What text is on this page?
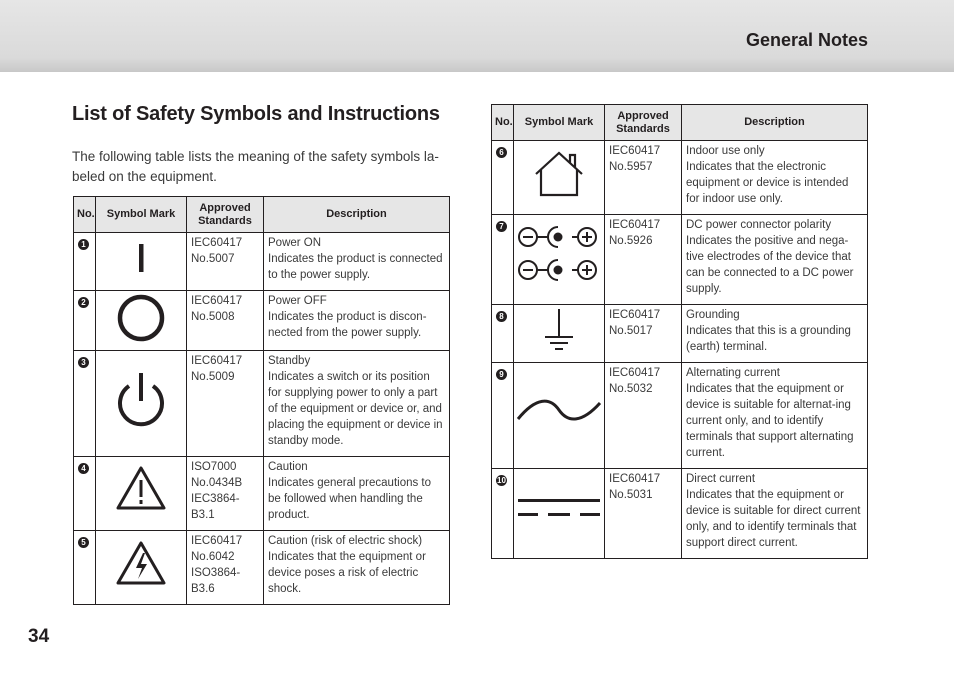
General Notes
List of Safety Symbols and Instructions
The following table lists the meaning of the safety symbols la-beled on the equipment.
No.	Symbol Mark	Approved Standards	Description
1		IEC60417
No.5007	Power ON
Indicates the product is connected to the power supply.

2		IEC60417
No.5008	Power OFF
Indicates the product is discon-nected from the power supply.

3		IEC60417
No.5009	Standby
Indicates a switch or its position for supplying power to only a part of the equipment or device or, and placing the equipment or device in standby mode.

4		ISO7000
No.0434B
IEC3864-B3.1	Caution
Indicates general precautions to be followed when handling the product.

5		IEC60417
No.6042
ISO3864-B3.6	Caution (risk of electric shock)
Indicates that the equipment or device poses a risk of electric shock.
No.	Symbol Mark	Approved Standards	Description
6		IEC60417
No.5957	Indoor use only
Indicates that the electronic equipment or device is intended for indoor use only.

7		IEC60417
No.5926	DC power connector polarity
Indicates the positive and nega-tive electrodes of the device that can be connected to a DC power supply.

8		IEC60417
No.5017	Grounding
Indicates that this is a grounding (earth) terminal.

9		IEC60417
No.5032	Alternating current
Indicates that the equipment or device is suitable for alternat-ing current only, and to identify terminals that support alternating current.

10		IEC60417
No.5031	Direct current
Indicates that the equipment or device is suitable for direct current only, and to identify terminals that support direct current.
34
